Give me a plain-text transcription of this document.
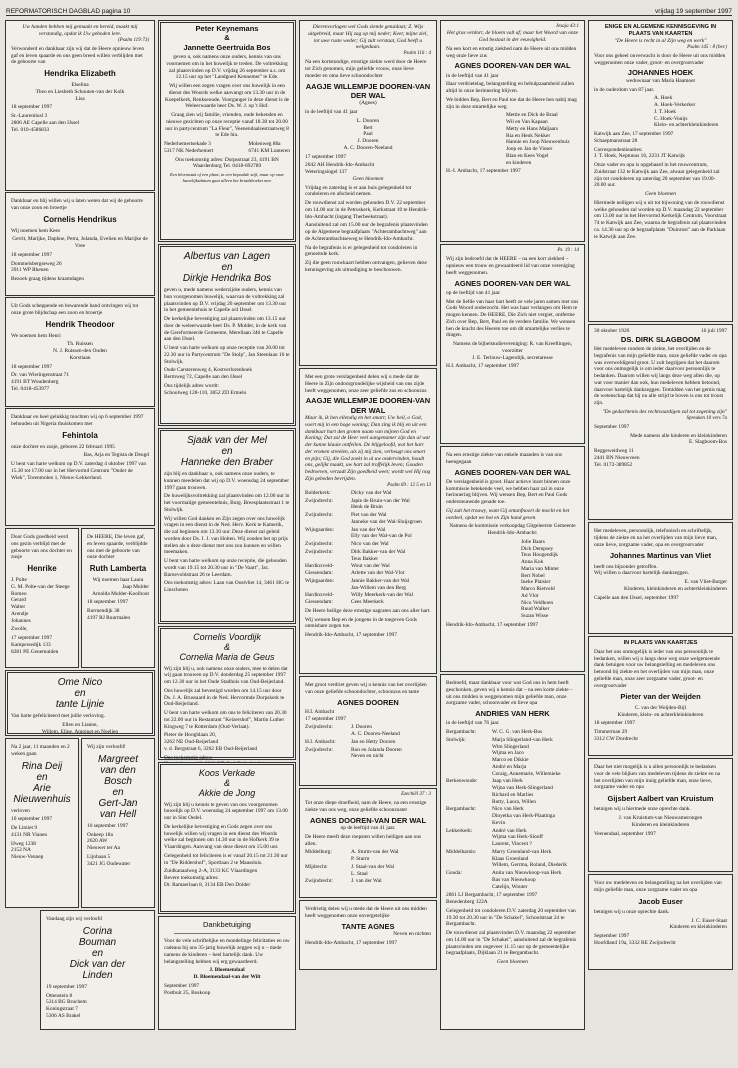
REFORMATORISCH DAGBLAD pagina 10	vrijdag 19 september 1997
Uw handen hebben mij gemaakt en bereid, maakt mij verstandig, opdat ik Uw geboden lere.
(Psalm 119:73)
Verwonderd en dankbaar zijn wij dat de Heere opnieuw leven gaf en leven spaarde en ons geen breed willen verblijden met de geboorte van
Hendrika Elizabeth
Elselina
Theo en Liesbeth Schouten-van der Kolk
Lisa
18 september 1997
St.-Laurentiusl 3
2806 AE Capelle aan den IJssel
Tel. 010-4586833
Dankbaar en blij willen wij u laten weten dat wij de geboorte van onze zoon en broertje
Cornelis Hendrikus
Wij noemen hem Kees
Gerrit, Marijke, Daphne, Petra, Jolanda, Evelien en Marijke de Vree
18 september 1997
Dommelsbergseweg 26
3911 WP Rhenen
Bezoek graag tijdens kraamdagen
Uit Gods scheppende en bewarende hand ontvingen wij tot onze grote blijdschap een zoon en broertje
Hendrik Theodoor
We noemen hem Henri
Th. Ruissen
N. J. Ruissen-den Ouden
Korstiaan
18 september 1997
Dr. van Wieringenstraat 71
4191 BT Woudenberg
Tel. 0418-453977
Dankbaar en heel gelukkig mochten wij op 6 september 1997 behouden uit Nigeria thuiskomen met
Fehintola
onze dochter en zusje, geboren 22 februari 1995
Bas, Arja en Tegista de Deugd
U bent van harte welkom op D.V. zaterdag 4 oktober 1997 van 15.30 tot 17.00 uur in het Hervormd Centrum "Onder de Wiek", Torenmolen 1, Nieuw-Lekkerland.
Door Gods goedheid werd ons gezin verblijd met de geboorte van ons dochter en zusje
Henrike
J. Polte
G. M. Polte-van der Steege
Romeo
Gerard
Walter
Arendje
Johannes
Zwolle,
17 september 1997
Kampersedijk 133
8281 PE Genemuiden
De HEERE, Die leven gaf, en leven spaarde, verblijdde ons met de geboorte van onze dochter
Ruth Lamberta
Wij noemen haar Laura
Jaap Mulder
Arnolda Mulder-Koolhout
18 september 1997
Burmendijk 38
4197 RJ Ruurmalen
Ome Nico
en
tante Lijnie
Van harte gefeliciteerd met jullie verloving.
Ellen en Lianne,
Willem, Eline, Antoinet en Noelien
Na 2 jaar, 11 maanden en 2 weken gaan
Rina Deij
en
Arie
Nieuwenhuis
verloven
10 september 1997
De Limiet 9
4131 NR Vianen
IJweg 1238
2152 NA
Nieuw-Vennep
Wij zijn verloofd!
Margreet
van den
Bosch
en
Gert-Jan
van Hell
10 september 1997
Ookeep 18a
2620 AW
Nieuwer ter Aa
Lijnbaan 5
3421 JG Oudewater
Vandaag zijn wij verloofd
Corina
Bouman
en
Dick van der
Linden
19 september 1997
Ottenstein 8
5314 BG Bruchem
Koningstraat 7
5306 AS Brakel
Peter Keynemans
&
Jannette Geertruida Bos
geven u, ook namens onze ouders, kennis van ons voornemen om in het huwelijk te treden. De voltrekking zal plaatsvinden op D.V. vrijdag 26 september a.s. om 12.15 uur op het "Landgoed Kennemer" te Ede.
Wij willen een zegen vragen over ons huwelijk in een dienst des Woords welke aanvangt om 13.30 uur in de Koepelkerk, Renkseoude. Voorganger in deze dienst is de Weleerwaarde heer Ds. W. J. op 't Hof.
Graag zien wij familie, vrienden, oude bekenden en nieuwe gezichten op onze receptie vanaf 18.30 tot 20.00 uur in partycentrum "La Fleur", Veenendaalsestraatweg 8 te Ede hiu.
Nederhemertsekade 3
5317 NK Nederhemert
Molenweg 88a
6741 KM Lunteren
Ons toekomstig adres: Dorpsstraat 23, 4191 BN Waardenburg Tel. 0418-692789
Een bloemstuk of een plant, in een bepaalde stijl, maar op onze huwelijksdatum gaat alleen het bruidsboeket mee
Albertus van Lagen
en
Dirkje Hendrika Bos
geven u, mede namens wederzijdse ouders, kennis van hun voorgenomen huwelijk, waarvan de voltrekking zal plaatsvinden op D.V. vrijdag 26 september om 13.30 uur in het gemeentehuis te Capelle a/d IJssel.
De kerkelijke bevestiging zal plaatsvinden om 13.15 uur door de weleerwaarde heer Ds. P. Mulder, in de kerk van de Gereformeerde Gemeente, Merellaan 346 te Capelle aan den IJssel.
U bent van harte welkom op onze receptie van 20.00 tot 22.30 uur in Partycentrum "De Stolp", Jan Steenlaan 16 te Stolwijk.
Oude Carsterenweg 4, Kostverlorenhoek
Bermweg 72, Capelle aan den IJssel
Ons tijdelijk adres wordt:
Schoolweg 128-110, 3852 ZD Ermelo
Sjaak van der Mel
en
Hanneke den Braber
zijn blij en dankbaar u, ook namens onze ouders, te kunnen meedelen dat wij op D.V. woensdag 24 september 1997 gaan trouwen.
De huwelijksvoltrekking zal plaatsvinden om 12.00 uur in het voormalige gemeentehuis, Burg. Breesplaatsstraat 1 te Stolwijk.
Wij willen God danken en Zijn zegen over ons huwelijk vragen in een dienst in de Ned. Herv. Kerk te Kamerik, die zal beginnen om 13.30 uur. Deze dienst zal geleid worden door Ds. J. J. van Holten. Wij zouden het op prijs stellen als u deze dienst met ons zou kunnen en willen meemaken.
U bent van harte welkom op onze receptie, die gehouden wordt van 19.15 tot 20.30 uur in "De Vaart", Jac. Barnevoldstraat 26 te Leerdam.
Ons toekomstig adres: Laan van Oostvliet 14, 3461 HG te Linschoten
Cornelis Voordijk
&
Cornelia Maria de Geus
Wij zijn blij u, ook namens onze ouders, mee te delen dat wij gaan trouwen op D.V. donderdag 25 september 1997 om 12.30 uur in het Oude Stadhuis van Oud-Beijerland.
Ons huwelijk zal bevestigd worden om 14.15 uur door Ds. J. A. Brussaard in de Ned. Hervormde Dorpskerk te Oud-Beijerland.
U bent van harte welkom om ons te feliciteren van 20.30 tot 22.00 uur in Restaurant "Keizershof", Martin Luther Kingweg 7 te Rotterdam (Oud-Verlaat).
Pieter de Hooghlaan 20,
3262 NE Oud-Beijerland
v. d. Bergstraat 6, 3262 EB Oud-Beijerland
Ons toekomstig adres:

Koos Verkade
&
Akkie de Jong
Wij zijn blij u kennis te geven van ons voorgenomen huwelijk op D.V. woensdag 24 september 1997 om 13.00 uur in Sint Oedel.
De kerkelijke bevestiging en Gods zegen over ons huwelijk willen wij vragen in een dienst des Woords welke zal beginnen om 14.30 uur in de Hofkerk 39 te Vlaardingen. Aanvang van deze dienst om 15.00 uur.
Gelegenheid tot feliciteren is er vanaf 20.15 tot 21.30 uur in "De Riddershof", Sportlaan 2 te Maassluis.
Zuidkanaalweg 2-A, 3133 KC Vlaardingen
Bevere toekomstig adres:
Dr. Ramaerlaan 8, 3134 EB Den Dolder
Dankbetuiging
Voor de vele schriftelijke en mondelinge felicitaties en uw cadeaus bij ons 35-jarig huwelijk zeggen wij u – mede namens de kinderen – heel hartelijk dank. Uw belangstelling hebben wij erg gewaardeerd.
J. Bloemendaal
D. Bloemendaal-van der Wilt
September 1997
Postbuit 25, Boskoop
Dierenvorlagen wel Gods ziende getuidaat; Z. Wijs uitgebreid, maar Hij zag op mij neder; Keer, mijne ziel, tot uwe ruste weder; Gij zult verstaat, God heeft u welgedaan.
Psalm 116 : 4
Na een kortstondige, ernstige ziekte werd door de Heere tot Zich genomen, mijn geliefde vrouw, onze lieve moeder en oma lieve schoondochter
AAGJE WILLEMPJE DOOREN-VAN DER WAL
(Agnes)
in de leeftijd van 41 jaar
L. Dooren
Bert
Paul
J. Dooren
A. C. Dooren-Neeland
17 september 1997
2042 AH Hendrik-Ido-Ambacht
Weteringsingel 137
Geen bloemen
Vrijdag en zaterdag is er aan huis gelegenheid tot condoleren en afscheid nemen.
De rouwdienst zal worden gehouden D.V. 22 september om 14.00 uur in de Petruskerk, Kerkstraat 10 te Hendrik-Ido-Ambacht (ingang Therbeekstraat).
Aansluitend zal om 15.00 uur de begrafenis plaatsvinden op de Algemene begraafplaats "Achterambachtweg" aan de Achterambachtseweg te Hendrik-Ido-Ambacht.
Na de begrafenis is er gelegenheid tot condoleren in genoemde kerk.
Zij die geen rouwkaart hebben ontvangen, gelieven deze kennisgeving als uitnodiging te beschouwen.
Met een grote verslagenheid delen wij u mede dat de Heere in Zijn ondoorgrondelijke wijsheid van ons zijde heeft weggenomen, onze zeer geliefde zus en schoonzus
AAGJE WILLEMPJE DOOREN-VAN DER WAL
Maar ik, ik ben ellendig en het smart; Uw heil, o God, voert mij in een hoge woning; Dan zing ik blij en uit een dankbaar hart den groten naam van mijnen God en Koning; Dat zal de Heer veel aangenamer zijn dan al wat der kunne klaaie ontfeilen. De blijgeloofd, wat het hart der vromen streelen, als zij mij zien, verheugt ons smart en pijn; Gij, die God zoekt in al uw ondervinden, houdt ons, gelijkt maakt, uw hart zal troffelijk leven; Gouden bedroeven, verzadt Zijn goedheid weet; wordt wel Hij nog Zijn gebeden bevrijden.
Psalm 69 : 12 5 en 13
Bolderkerk:	Dicky van der Wal
Zwijndrecht:	Japie de Bruin-van der Wal
Henk de Bruin
Zwijndrecht:	Piet van der Wal
Janneke van der Wal-Sluijsgroen
Wijngaarden:	Jan van der Wal
Elly van der Wal-van de Pol
Zwijndrecht:	Nico van der Wal
Zwijndrecht:	Dirk Bakker-van der Wal
Teus Bakker
Hardinxveld-Giessendam:
Wout van der Wal
Arlette van der Wal-Vlot
Wijngaarden:	Jannie Bakker-van der Wal
Jan-Willem van den Berg
Hardinxveld-Giessendam:
Willy Meerkerk-van der Wal
Cees Meerkerk
De Heere heilige deze ernstige nagraten aan ons aller hart.
Wij wensen Bep en de jongens in de toegeven Gods onmisbare zegen toe.
Hendrik-Ido-Ambacht, 17 september 1997
Met groot verdriet geven wij u kennis van het overlijden van onze geliefde schoondochter, schoonzus en tante
AGNES DOOREN
H.I. Ambacht
17 september 1997
Zwijndrecht:	J. Dooren
A. C. Dooren-Neeland
H.I. Ambacht:	Jan en Hetty Dooren
Zwijndrecht:	Ron en Jolanda Dooren
Neven en nicht
Ezechiël 37 : 3
Tot onze diepe droefheid, nam de Heere, na een ernstige ziekte van ons weg, onze geliefde schoonzuster
AGNES DOOREN-VAN DER WAL
op de leeftijd van 41 jaar.
De Heere meeft deze roepsten willen heiligen aan ons allen.
Middelburg:	A. Sturm-van der Wal
P. Sturm
Mijdrecht:	J. Staal-van der Wal
L. Staal
Zwijndrecht:	J. van der Wal
Verdrietig delen wij u mede dat de Heere uit ons midden heeft weggenomen onze onvergetelijke
TANTE AGNES
Neven en nichten
Hendrik-Ido-Ambacht, 17 september 1997
Jesaja 43:1
Het gras verdort, de bloem valt af; maar het Woord van onze God bestaat in der eeuwigheid.
Na een kort en ernstig ziekbed nam de Heere uit ons midden weg onze lieve zus
AGNES DOOREN-VAN DER WAL
in de leeftijd van 41 jaar
Haar verdrietelag, belangstelling en behulpzaamheid zullen altijd in onze herinnering blijven.
We bidden Bep, Bert en Paul toe dat de Heere hen nabij mag zijn in deze smartelijke weg.
Mettie en Dick de Braal
Wil en Van Kapaan
Metty en Hans Maljaars
Ria en Henk Nekker
Hannie en Joop Nieuwenhuiz
Joop en Jan de Visser
Blan en Kees Vogel
en kinderen
H.-I. Ambacht, 17 september 1997
Ps. 19 : 14
Wij zijn bedroefd dat de HEERE – na een kort ziekbed – opnieuw een trouw en gewaardeerd lid van onze vereniging heeft weggenomen.
AGNES DOOREN-VAN DER WAL
op de leeftijd van 41 jaar.
Met de liefde van haar hart heeft ze vele jaren samen met ons Gods Woord onderzocht. Het was haar verlangen om Hem te mogen kennen. De HEERE, Die Zich niet vergiet, ontferme Zich over Bep, Bert, Paul en de verdere familie. We wensen hen de kracht des Heeren toe om dit smartelijke verlies te dragen.
Namens de bijbelstudievereniging: R. van Kreeftingen, voorzitter
J. E. Terlouw-Lagendijk, secretaresse
H.I. Ambacht, 17 september 1997
Na een ernstige ziekte van enkele maanden is van ons heengegaan
AGNES DOOREN-VAN DER WAL
De verslagenheid is groot. Haar actieve inzet binnen onze kommissie betekende veel, we hebben haar zal in onze herinnering blijven. Wij wensen Bep, Bert en Paul Gods ondersteunende genade toe.
Gij zult het trouwy, want Gij ontanfnoort de mocht en het oordeel, opdat we hot en Zijn hand geven.
Namens de kommissie verkoopdag Gitgeleerste Gemeente Hendrik-Ido-Ambacht:
Jolie Baars
Dick Dempsey
Teus Hoogendijk
Anna Kok
Maria van Minter
Bert Nobel
Ineke Plaisier
Marco Rietveld
Ad Vlot
Nico Veldhoen
Ruud Walker
Suzan Wisse
Hendrik-Ido-Ambacht, 17 september 1997
Bedroefd, maar dankbaar voor wat God ons in hem heeft geschonken, geven wij u kennis dat – na een korte ziekte – uit ons midden is weggenomen mijn geliefde man, onze zorgzame vader, schoonvader en lieve opa
ANDRIES VAN HERK
in de leeftijd van 76 jaar.
Bergambacht:	W. C. G. van Herk-Bos
Stolwijk:	Marja Slingerland-van Herk
Wim Slingerland
Wijma en Jaco
Marco en Dikkie
André en Marja
Coraig, Annemarie, Willemieke
Berkenwoude:	Jaap van Herk
Wijna van Herk-Slingerland
Richard en Marlies
Rutty, Laura, Willen
Bergambacht:	Nico van Herk
Dinyetka van Herk-Plaatinga
Kevin
Lekkerkerk:	André van Herk
Wijma van Herk-Slooff
Laurent, Vincent ?
Middelharnis:	Marry Groenland-van Herk
Klaas Groenland
Willem, Gerrma, Roland, Diederik
Gouda:	Anita van Nieuwkoop-van Herk
Bas van Nieuwkoop
Catelijn, Wouter
2861 LJ Bergambacht, 17 september 1997
Benedenberg 122A
Gelegenheid tot condoleren D.V. zaterdag 20 september van 19.30 tot 20.30 uur in "De Schakel", Schoolstraat 24 te Bergambacht.
De rouwdienst zal plaatsvinden D.V. maandag 22 september om 14.00 uur in "De Schakel", aansluitend zal de begrafenis plaatsvinden om ongeveer 11.15 uur op de gemeentelijke begraafplaats, Dijklaan 21 te Bergambacht.
Geen bloemen
ENIGE EN ALGEMENE KENNISGEVING IN PLAATS VAN KAARTEN
"De Heere is recht in al Zijn weg en werk"
Psalm 145 : 8 (ber.)
Voor ons geheel onverwacht is door de Heere uit ons midden weggenomen onze vader, groot- en overgrootvader
JOHANNES HOEK
weduwnaar van Maria Haamoet
in de ouderdom van 87 jaar.
A. Hoek
A. Hoek-Verkerker
J. T. Hoek
C. Hoek-Vonijs
Klein- en achterkleinkinderen
Katwijk aan Zee, 17 september 1997
Schaepmanstraat 28
Correspondentieadres:
J. T. Hoek, Neptunus 16, 2231 JT Katwijk
Onze vader en opa is opgebaard in het rouwcentrum, Zuidstraat 132 te Katwijk aan Zee, alwaar gelegenheid zal zijn tot condoleren op zaterdag 20 september van 19.00-20.00 uur.
Geen bloemen
Hiermede neiligen wij u uit tot bijwoning van de rouwdienst welke gehouden zal worden op D.V. maandag 22 september om 13.00 uur in het Hervormd Kerkelijk Centrum, Voorstraat 74 te Katwijk aan Zee, waarna de begrafenis zal plaatsvinden ca. 14.30 uur op de begraafplaats "Duinrust" aan de Parklaan te Katwijk aan Zee.
30 oktober 1920	16 juli 1997
DS. DIRK SLAGBOOM
Het medeleven rondom de ziekte, het overlijden en de begrafenis van mijn geliefde man, onze geliefde vader en opa was overweldigend groot. U zult begrijpen dat het daarom voor ons onmogelijk is om ieder daarvoor persoonlijk te bedanken. Daarom willen wij langs deze weg allen die, op wat voor manier dan ook, hun medeleven hebben betoond, daarvoor hartelijk dankzeggen. Temidden van het gemis mag de wetenschap dat hij nu alle strijd te boven is ons tot troost zijn.
"De gedachtenis des rechtvaardigen zal tot zegening zijn"
Spreuken 10 vers 7a
September 1997
Mede namens alle kinderen en kleinkinderen
E. Slagboom-Bos
Reggeweidweg 11
2441 BN Nieuwveen
Tel. 0172-389852
Het medeleven, persoonlijk, telefonisch en schriftelijk, tijdens de ziekte en na het overlijden van mijn lieve man, onze lieve, zorgzame vader, opa en overgrootvader
Johannes Martinus van Vliet
heeft ons bijzonder getroffen.
Wij willen u daarvoor hartelijk dankzeggen.
E. van Vliet-Burger
Kinderen, kleinkinderen en achterkleinkinderen
Capelle aan den IJssel, september 1997
IN PLAATS VAN KAARTJES
Daar het ons onmogelijk is ieder van ons persoonlijk te bedanken, willen wij u langs deze weg onze welgemeende dank betuigen voor uw belangstelling en medeleven ons betoond bij ziekte en het overlijden van mijn man, onze geliefde man, onze zeer zorgzame vader, groot- en overgrootvader
Pieter van der Weijden
C. van der Weijden-Bijl
Kinderen, klein- en achterkleinkinderen
18 september 1997
Timmerman 29
3312 CW Dordrecht
Daar het niet mogelijk is u allen persoonlijk te bedanken voor de vele blijken van medeleven tijdens de ziekte en na het overlijden van mijn innig geliefde man, onze lieve, zorgzame vader en opa
Gijsbert Aalbert van Kruistum
betuigen wij u hiermede onze oprechte dank.
J. van Kruistum-van Nieuwamerongen
Kinderen en kleinkinderen
Veenendaal, september 1997
Voor uw medeleven en belangstelling na het overlijden van mijn geliefde man, onze zorgzame vader en opa
Jacob Euser
betuigen wij u onze oprechte dank.
J. C. Euser-Staat
Kinderen en kleinkinderen
September 1997
Hoofdland 19a, 3332 RE Zwijndrecht
